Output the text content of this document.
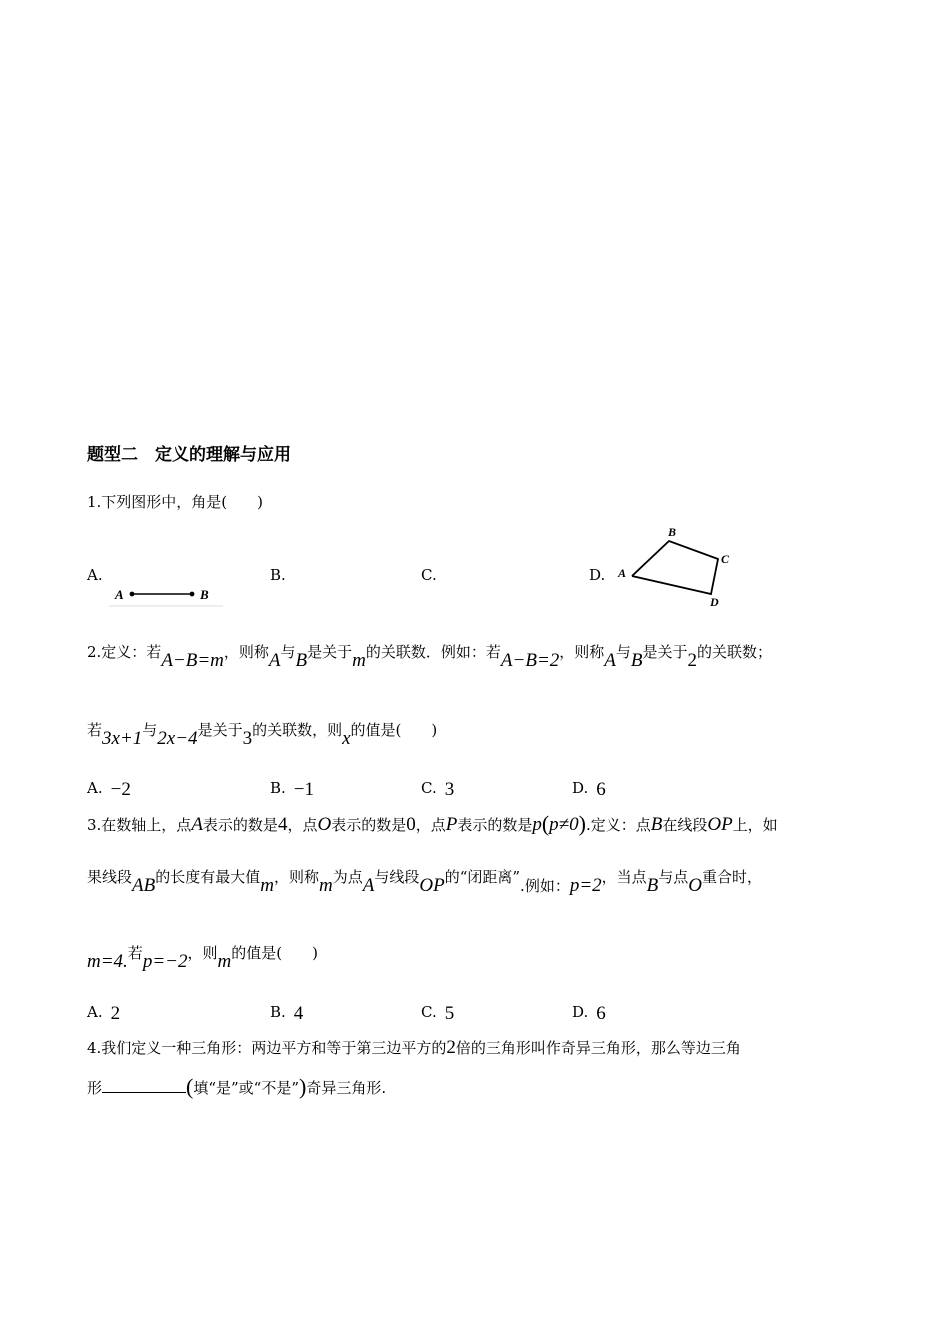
题型二　定义的理解与应用
1.下列图形中，角是(　　)
A.	B.	C.	D.
A	B
A
B
C
D
2.定义：若A−B=m，则称A与B是关于m的关联数．例如：若A−B=2，则称A与B是关于2的关联数；
若3x+1与2x−4是关于3的关联数，则x的值是(　　)
A. −2	B. −1	C. 3	D. 6
3.在数轴上，点A表示的数是4，点O表示的数是0，点P表示的数是p(p≠0).定义：点B在线段OP上，如
果线段AB的长度有最大值m，则称m为点A与线段OP的“闭距离”.例如：p=2，当点B与点O重合时，
m=4.若p=−2，则m的值是(　　)
A. 2	B. 4	C. 5	D. 6
4.我们定义一种三角形：两边平方和等于第三边平方的2倍的三角形叫作奇异三角形，那么等边三角
形	(填“是”或“不是”)奇异三角形.
